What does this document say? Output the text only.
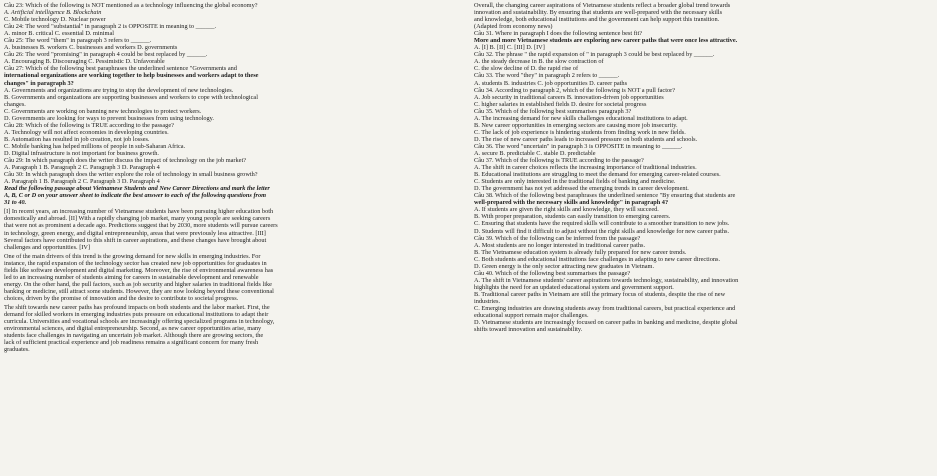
Câu 23: Which of the following is NOT mentioned as a technology influencing the global economy?
A. Artificial intelligence B. Blockchain
C. Mobile technology D. Nuclear power
Câu 24: The word "substantial" in paragraph 2 is OPPOSITE in meaning to ______.
A. minor B. critical C. essential D. minimal
Câu 25: The word "them" in paragraph 3 refers to ______.
A. businesses B. workers C. businesses and workers D. governments
Câu 26: The word "promising" in paragraph 4 could be best replaced by ______.
A. Encouraging B. Discouraging C. Pessimistic D. Unfavorable
Câu 27: Which of the following best paraphrases the underlined sentence "Governments and
international organizations are working together to help businesses and workers adapt to these
changes" in paragraph 3?
A. Governments and organizations are trying to stop the development of new technologies.
B. Governments and organizations are supporting businesses and workers to cope with technological
changes.
C. Governments are working on banning new technologies to protect workers.
D. Governments are looking for ways to prevent businesses from using technology.
Câu 28: Which of the following is TRUE according to the passage?
A. Technology will not affect economies in developing countries.
B. Automation has resulted in job creation, not job losses.
C. Mobile banking has helped millions of people in sub-Saharan Africa.
D. Digital infrastructure is not important for business growth.
Câu 29: In which paragraph does the writer discuss the impact of technology on the job market?
A. Paragraph 1 B. Paragraph 2 C. Paragraph 3 D. Paragraph 4
Câu 30: In which paragraph does the writer explore the role of technology in small business growth?
A. Paragraph 1 B. Paragraph 2 C. Paragraph 3 D. Paragraph 4
Read the following passage about Vietnamese Students and New Career Directions and mark the letter
A, B, C or D on your answer sheet to indicate the best answer to each of the following questions from
31 to 40.
[I] In recent years, an increasing number of Vietnamese students have been pursuing higher education both
domestically and abroad. [II] With a rapidly changing job market, many young people are seeking careers
that were not as prominent a decade ago. Predictions suggest that by 2030, more students will pursue careers
in technology, green energy, and digital entrepreneurship, areas that were previously less attractive. [III]
Several factors have contributed to this shift in career aspirations, and these changes have brought about
challenges and opportunities. [IV]
One of the main drivers of this trend is the growing demand for new skills in emerging industries. For
instance, the rapid expansion of the technology sector has created new job opportunities for graduates in
fields like software development and digital marketing. Moreover, the rise of environmental awareness has
led to an increasing number of students aiming for careers in sustainable development and renewable
energy. On the other hand, the pull factors, such as job security and higher salaries in traditional fields like
banking or medicine, still attract some students. However, they are now looking beyond these conventional
choices, driven by the promise of innovation and the desire to contribute to societal progress.
The shift towards new career paths has profound impacts on both students and the labor market. First, the
demand for skilled workers in emerging industries puts pressure on educational institutions to adapt their
curricula. Universities and vocational schools are increasingly offering specialized programs in technology,
environmental sciences, and digital entrepreneurship. Second, as new career opportunities arise, many
students face challenges in navigating an uncertain job market. Although there are growing sectors, the
lack of sufficient practical experience and job readiness remains a significant concern for many fresh
graduates.
Overall, the changing career aspirations of Vietnamese students reflect a broader global trend towards
innovation and sustainability. By ensuring that students are well-prepared with the necessary skills
and knowledge, both educational institutions and the government can help support this transition.
(Adapted from economy news)
Câu 31. Where in paragraph I does the following sentence best fit?
More and more Vietnamese students are exploring new career paths that were once less attractive.
A. [I] B. [II] C. [III] D. [IV]
Câu 32. The phrase " the rapid expansion of " in paragraph 3 could be best replaced by ______.
A. the steady decrease in B. the slow contraction of
C. the slow decline of D. the rapid rise of
Câu 33. The word "they" in paragraph 2 refers to ______.
A. students B. industries C. job opportunities D. career paths
Câu 34. According to paragraph 2, which of the following is NOT a pull factor?
A. Job security in traditional careers B. innovation-driven job opportunities
C. higher salaries in established fields D. desire for societal progress
Câu 35. Which of the following best summarises paragraph 3?
A. The increasing demand for new skills challenges educational institutions to adapt.
B. New career opportunities in emerging sectors are causing more job insecurity.
C. The lack of job experience is hindering students from finding work in new fields.
D. The rise of new career paths leads to increased pressure on both students and schools.
Câu 36. The word "uncertain" in paragraph 3 is OPPOSITE in meaning to ______.
A. secure B. predictable C. stable D. predictable
Câu 37. Which of the following is TRUE according to the passage?
A. The shift in career choices reflects the increasing importance of traditional industries.
B. Educational institutions are struggling to meet the demand for emerging career-related courses.
C. Students are only interested in the traditional fields of banking and medicine.
D. The government has not yet addressed the emerging trends in career development.
Câu 38. Which of the following best paraphrases the underlined sentence "By ensuring that students are
well-prepared with the necessary skills and knowledge" in paragraph 4?
A. If students are given the right skills and knowledge, they will succeed.
B. With proper preparation, students can easily transition to emerging careers.
C. Ensuring that students have the required skills will contribute to a smoother transition to new jobs.
D. Students will find it difficult to adjust without the right skills and knowledge for new career paths.
Câu 39. Which of the following can be inferred from the passage?
A. Most students are no longer interested in traditional career paths.
B. The Vietnamese education system is already fully prepared for new career trends.
C. Both students and educational institutions face challenges in adapting to new career directions.
D. Green energy is the only sector attracting new graduates in Vietnam.
Câu 40. Which of the following best summarises the passage?
A. The shift in Vietnamese students' career aspirations towards technology, sustainability, and innovation
highlights the need for an updated educational system and government support.
B. Traditional career paths in Vietnam are still the primary focus of students, despite the rise of new
industries.
C. Emerging industries are drawing students away from traditional careers, but practical experience and
educational support remain major challenges.
D. Vietnamese students are increasingly focused on career paths in banking and medicine, despite global
shifts toward innovation and sustainability.
